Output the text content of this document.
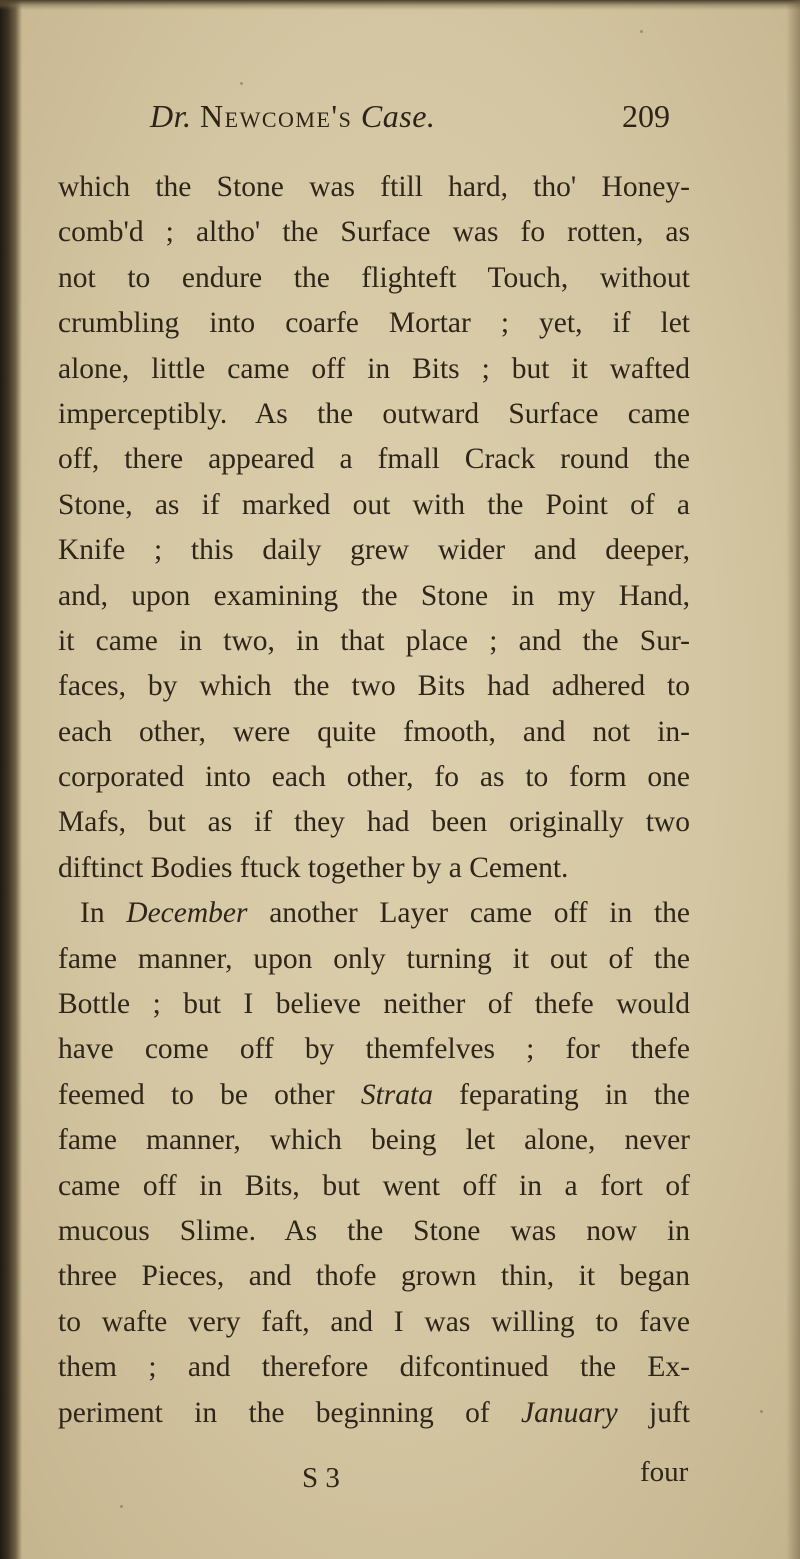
Dr. Newcome's Case.	209
which the Stone was ftill hard, tho' Honey-
comb'd ; altho' the Surface was fo rotten, as
not to endure the flighteft Touch, without
crumbling into coarfe Mortar ; yet, if let
alone, little came off in Bits ; but it wafted
imperceptibly. As the outward Surface came
off, there appeared a fmall Crack round the
Stone, as if marked out with the Point of a
Knife ; this daily grew wider and deeper,
and, upon examining the Stone in my Hand,
it came in two, in that place ; and the Sur-
faces, by which the two Bits had adhered to
each other, were quite fmooth, and not in-
corporated into each other, fo as to form one
Mafs, but as if they had been originally two
diftinct Bodies ftuck together by a Cement.
In December another Layer came off in the
fame manner, upon only turning it out of the
Bottle ; but I believe neither of thefe would
have come off by themfelves ; for thefe
feemed to be other Strata feparating in the
fame manner, which being let alone, never
came off in Bits, but went off in a fort of
mucous Slime. As the Stone was now in
three Pieces, and thofe grown thin, it began
to wafte very faft, and I was willing to fave
them ; and therefore difcontinued the Ex-
periment in the beginning of January juft
S 3	four
